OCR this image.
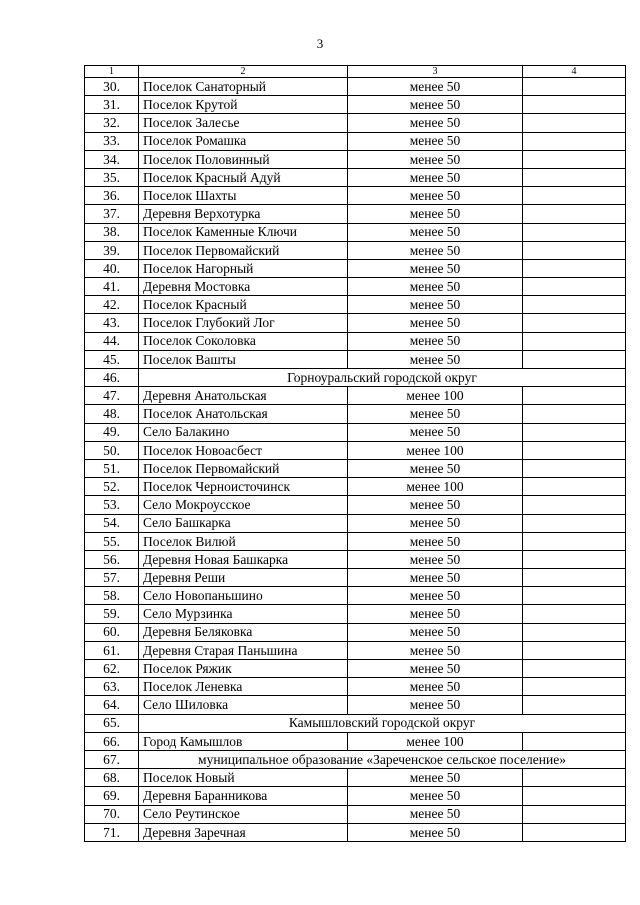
3
1	2	3	4
30.	Поселок Санаторный	менее 50	
31.	Поселок Крутой	менее 50	
32.	Поселок Залесье	менее 50	
33.	Поселок Ромашка	менее 50	
34.	Поселок Половинный	менее 50	
35.	Поселок Красный Адуй	менее 50	
36.	Поселок Шахты	менее 50	
37.	Деревня Верхотурка	менее 50	
38.	Поселок Каменные Ключи	менее 50	
39.	Поселок Первомайский	менее 50	
40.	Поселок Нагорный	менее 50	
41.	Деревня Мостовка	менее 50	
42.	Поселок Красный	менее 50	
43.	Поселок Глубокий Лог	менее 50	
44.	Поселок Соколовка	менее 50	
45.	Поселок Вашты	менее 50	
46.	Горноуральский городской округ		
47.	Деревня Анатольская	менее 100	
48.	Поселок Анатольская	менее 50	
49.	Село Балакино	менее 50	
50.	Поселок Новоасбест	менее 100	
51.	Поселок Первомайский	менее 50	
52.	Поселок Черноисточинск	менее 100	
53.	Село Мокроусское	менее 50	
54.	Село Башкарка	менее 50	
55.	Поселок Вилюй	менее 50	
56.	Деревня Новая Башкарка	менее 50	
57.	Деревня Реши	менее 50	
58.	Село Новопаньшино	менее 50	
59.	Село Мурзинка	менее 50	
60.	Деревня Беляковка	менее 50	
61.	Деревня Старая Паньшина	менее 50	
62.	Поселок Ряжик	менее 50	
63.	Поселок Леневка	менее 50	
64.	Село Шиловка	менее 50	
65.	Камышловский городской округ		
66.	Город Камышлов	менее 100	
67.	муниципальное образование «Зареченское сельское поселение»		
68.	Поселок Новый	менее 50	
69.	Деревня Баранникова	менее 50	
70.	Село Реутинское	менее 50	
71.	Деревня Заречная	менее 50	
